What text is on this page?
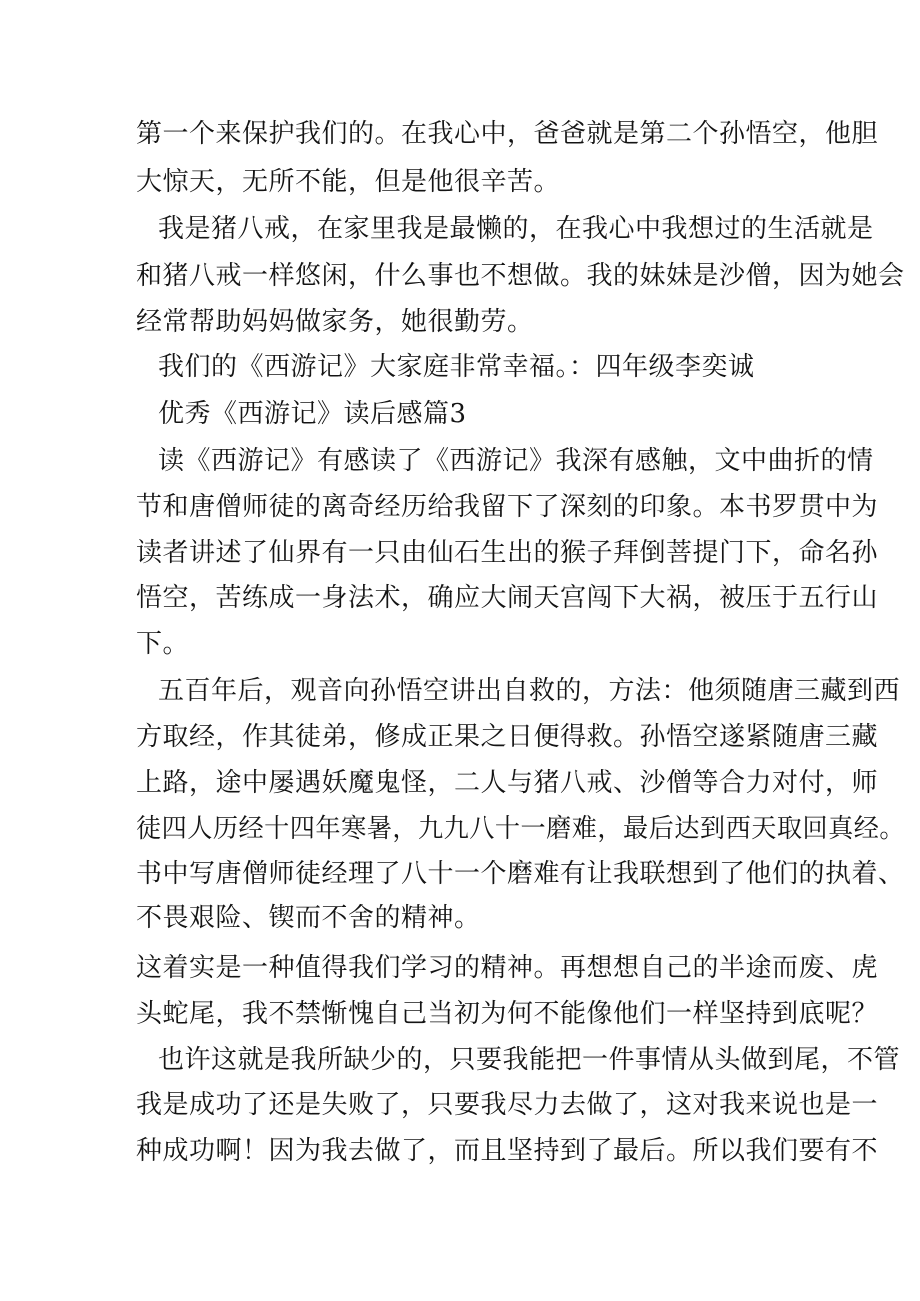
第一个来保护我们的。在我心中，爸爸就是第二个孙悟空，他胆
大惊天，无所不能，但是他很辛苦。
我是猪八戒，在家里我是最懒的，在我心中我想过的生活就是
和猪八戒一样悠闲，什么事也不想做。我的妹妹是沙僧，因为她会
经常帮助妈妈做家务，她很勤劳。
我们的《西游记》大家庭非常幸福。：四年级李奕诚
优秀《西游记》读后感篇3
读《西游记》有感读了《西游记》我深有感触，文中曲折的情
节和唐僧师徒的离奇经历给我留下了深刻的印象。本书罗贯中为
读者讲述了仙界有一只由仙石生出的猴子拜倒菩提门下，命名孙
悟空，苦练成一身法术，确应大闹天宫闯下大祸，被压于五行山
下。
五百年后，观音向孙悟空讲出自救的，方法：他须随唐三藏到西
方取经，作其徒弟，修成正果之日便得救。孙悟空遂紧随唐三藏
上路，途中屡遇妖魔鬼怪，二人与猪八戒、沙僧等合力对付，师
徒四人历经十四年寒暑，九九八十一磨难，最后达到西天取回真经。
书中写唐僧师徒经理了八十一个磨难有让我联想到了他们的执着、
不畏艰险、锲而不舍的精神。
这着实是一种值得我们学习的精神。再想想自己的半途而废、虎
头蛇尾，我不禁惭愧自己当初为何不能像他们一样坚持到底呢？
也许这就是我所缺少的，只要我能把一件事情从头做到尾，不管
我是成功了还是失败了，只要我尽力去做了，这对我来说也是一
种成功啊！因为我去做了，而且坚持到了最后。所以我们要有不
